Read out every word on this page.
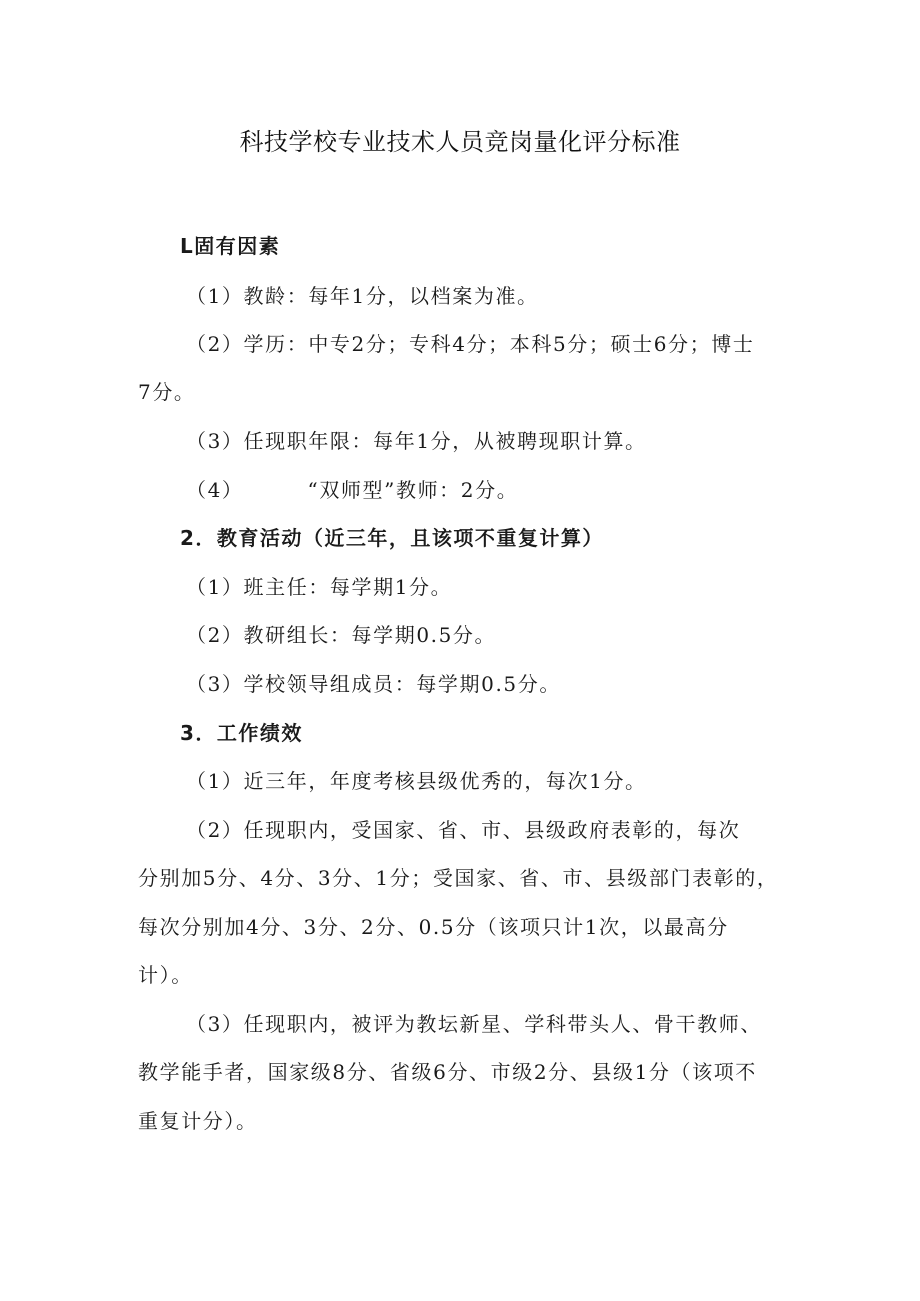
科技学校专业技术人员竞岗量化评分标准
L固有因素
（1）教龄：每年1分，以档案为准。
（2）学历：中专2分；专科4分；本科5分；硕士6分；博士
7分。
（3）任现职年限：每年1分，从被聘现职计算。
（4）	“双师型”教师：2分。
2．教育活动（近三年，且该项不重复计算）
（1）班主任：每学期1分。
（2）教研组长：每学期0.5分。
（3）学校领导组成员：每学期0.5分。
3．工作绩效
（1）近三年，年度考核县级优秀的，每次1分。
（2）任现职内，受国家、省、市、县级政府表彰的，每次
分别加5分、4分、3分、1分；受国家、省、市、县级部门表彰的，
每次分别加4分、3分、2分、0.5分（该项只计1次，以最高分
计）。
（3）任现职内，被评为教坛新星、学科带头人、骨干教师、
教学能手者，国家级8分、省级6分、市级2分、县级1分（该项不
重复计分）。
